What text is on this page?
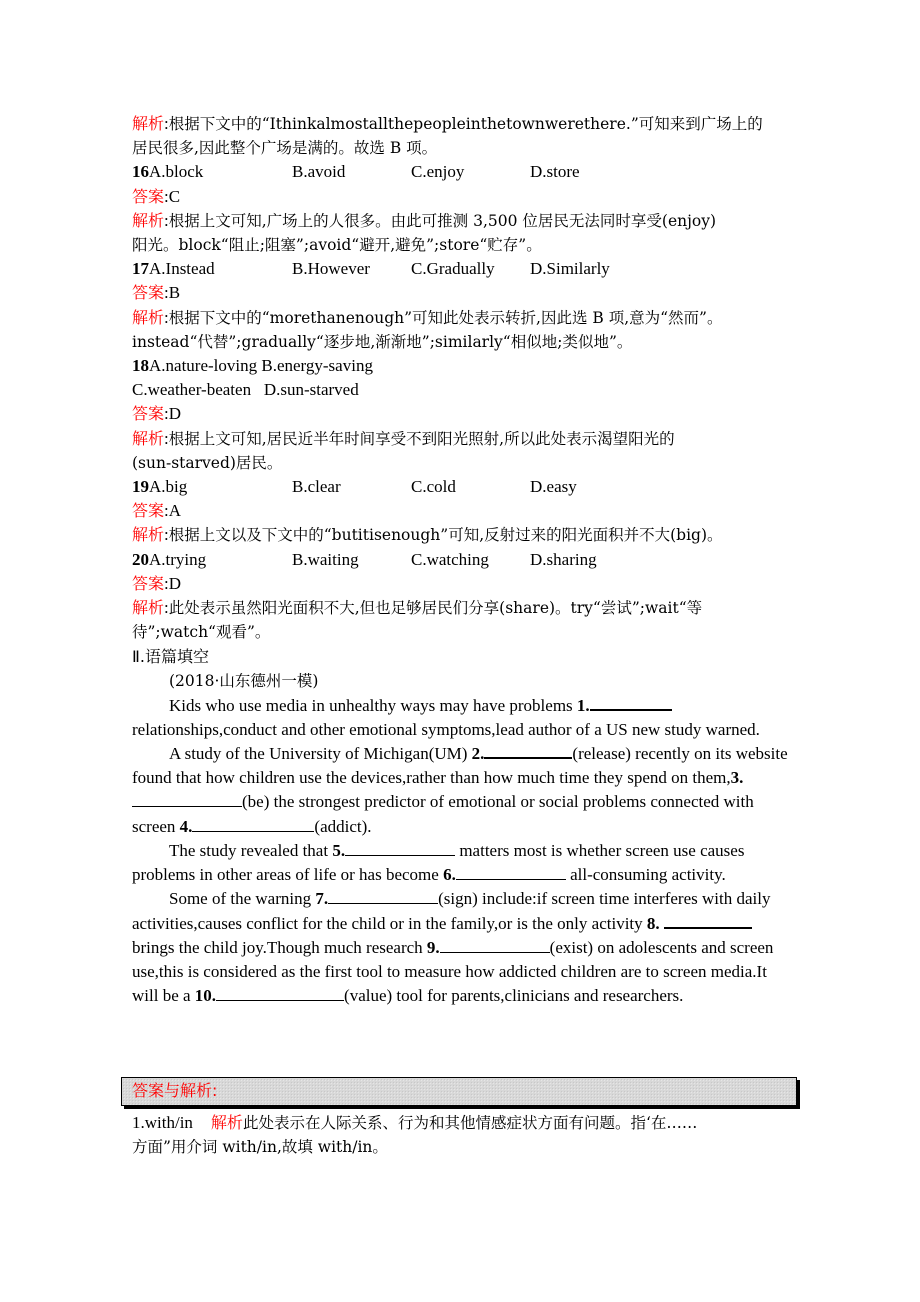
解析:根据下文中的“Ithinkalmostallthepeopleinthetownwerethere.”可知来到广场上的
居民很多,因此整个广场是满的。故选 B 项。
16A.block	B.avoid	C.enjoy	D.store
答案:C
解析:根据上文可知,广场上的人很多。由此可推测 3,500 位居民无法同时享受(enjoy)
阳光。block“阻止;阻塞”;avoid“避开,避免”;store“贮存”。
17A.Instead	B.However C.Gradually D.Similarly
答案:B
解析:根据下文中的“morethanenough”可知此处表示转折,因此选 B 项,意为“然而”。
instead“代替”;gradually“逐步地,渐渐地”;similarly“相似地;类似地”。
18A.nature-loving B.energy-saving
C.weather-beaten   D.sun-starved
答案:D
解析:根据上文可知,居民近半年时间享受不到阳光照射,所以此处表示渴望阳光的
(sun-starved)居民。
19A.big	B.clear	C.cold	D.easy
答案:A
解析:根据上文以及下文中的“butitisenough”可知,反射过来的阳光面积并不大(big)。
20A.trying	B.waiting	C.watching D.sharing
答案:D
解析:此处表示虽然阳光面积不大,但也足够居民们分享(share)。try“尝试”;wait“等
待”;watch“观看”。
Ⅱ.语篇填空
(2018·山东德州一模)

Kids who use media in unhealthy ways may have problems 1. relationships,conduct and other emotional symptoms,lead author of a US new study warned.

A study of the University of Michigan(UM) 2.	(release) recently on its website found that how children use the devices,rather than how much time they spend on them,3.(be) the strongest predictor of emotional or social problems connected with screen 4.	(addict).

The study revealed that 5.	matters most is whether screen use causes problems in other areas of life or has become 6.	all-consuming activity.

Some of the warning 7.	(sign) include:if screen time interferes with daily activities,causes conflict for the child or in the family,or is the only activity 8.  brings the child joy.Though much research 9.	(exist) on adolescents and screen use,this is considered as the first tool to measure how addicted children are to screen media.It will be a 10.	(value) tool for parents,clinicians and researchers.

答案与解析:
1.with/in 解析此处表示在人际关系、行为和其他情感症状方面有问题。指‘在……
方面”用介词 with/in,故填 with/in。
